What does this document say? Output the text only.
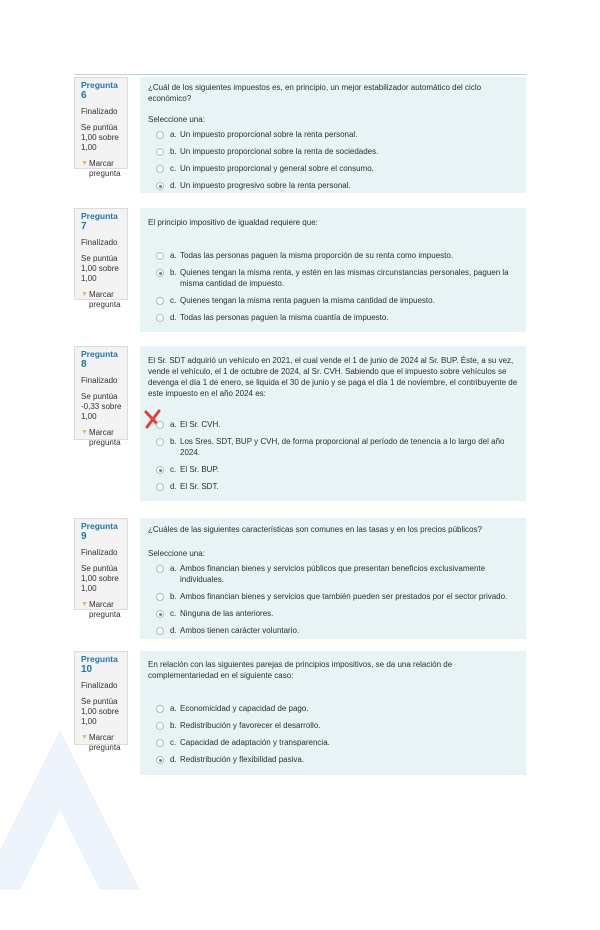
Pregunta
6
Finalizado
Se puntúa 1,00 sobre 1,00
▼ Marcar pregunta

¿Cuál de los siguientes impuestos es, en principio, un mejor estabilizador automático del ciclo económico?

Seleccione una:

a. Un impuesto proporcional sobre la renta personal.
b. Un impuesto proporcional sobre la renta de sociedades.
c. Un impuesto proporcional y general sobre el consumo.
d. Un impuesto progresivo sobre la renta personal.
Pregunta
7
Finalizado
Se puntúa 1,00 sobre 1,00
▼ Marcar pregunta

El principio impositivo de igualdad requiere que:

a. Todas las personas paguen la misma proporción de su renta como impuesto.
b. Quienes tengan la misma renta, y estén en las mismas circunstancias personales, paguen la misma cantidad de impuesto.
c. Quienes tengan la misma renta paguen la misma cantidad de impuesto.
d. Todas las personas paguen la misma cuantía de impuesto.
Pregunta
8
Finalizado
Se puntúa -0,33 sobre 1,00
▼ Marcar pregunta

El Sr. SDT adquirió un vehículo en 2021, el cual vende el 1 de junio de 2024 al Sr. BUP. Éste, a su vez, vende el vehículo, el 1 de octubre de 2024, al Sr. CVH. Sabiendo que el impuesto sobre vehículos se devenga el día 1 de enero, se liquida el 30 de junio y se paga el día 1 de noviembre, el contribuyente de este impuesto en el año 2024 es:

a. El Sr. CVH.
b. Los Sres. SDT, BUP y CVH, de forma proporcional al período de tenencia a lo largo del año 2024.
c. El Sr. BUP.
d. El Sr. SDT.
Pregunta
9
Finalizado
Se puntúa 1,00 sobre 1,00
▼ Marcar pregunta

¿Cuáles de las siguientes características son comunes en las tasas y en los precios públicos?

Seleccione una:

a. Ambos financian bienes y servicios públicos que presentan beneficios exclusivamente individuales.
b. Ambos financian bienes y servicios que también pueden ser prestados por el sector privado.
c. Ninguna de las anteriores.
d. Ambos tienen carácter voluntario.
Pregunta
10
Finalizado
Se puntúa 1,00 sobre 1,00
▼ Marcar pregunta

En relación con las siguientes parejas de principios impositivos, se da una relación de complementariedad en el siguiente caso:

a. Economicidad y capacidad de pago.
b. Redistribución y favorecer el desarrollo.
c. Capacidad de adaptación y transparencia.
d. Redistribución y flexibilidad pasiva.
